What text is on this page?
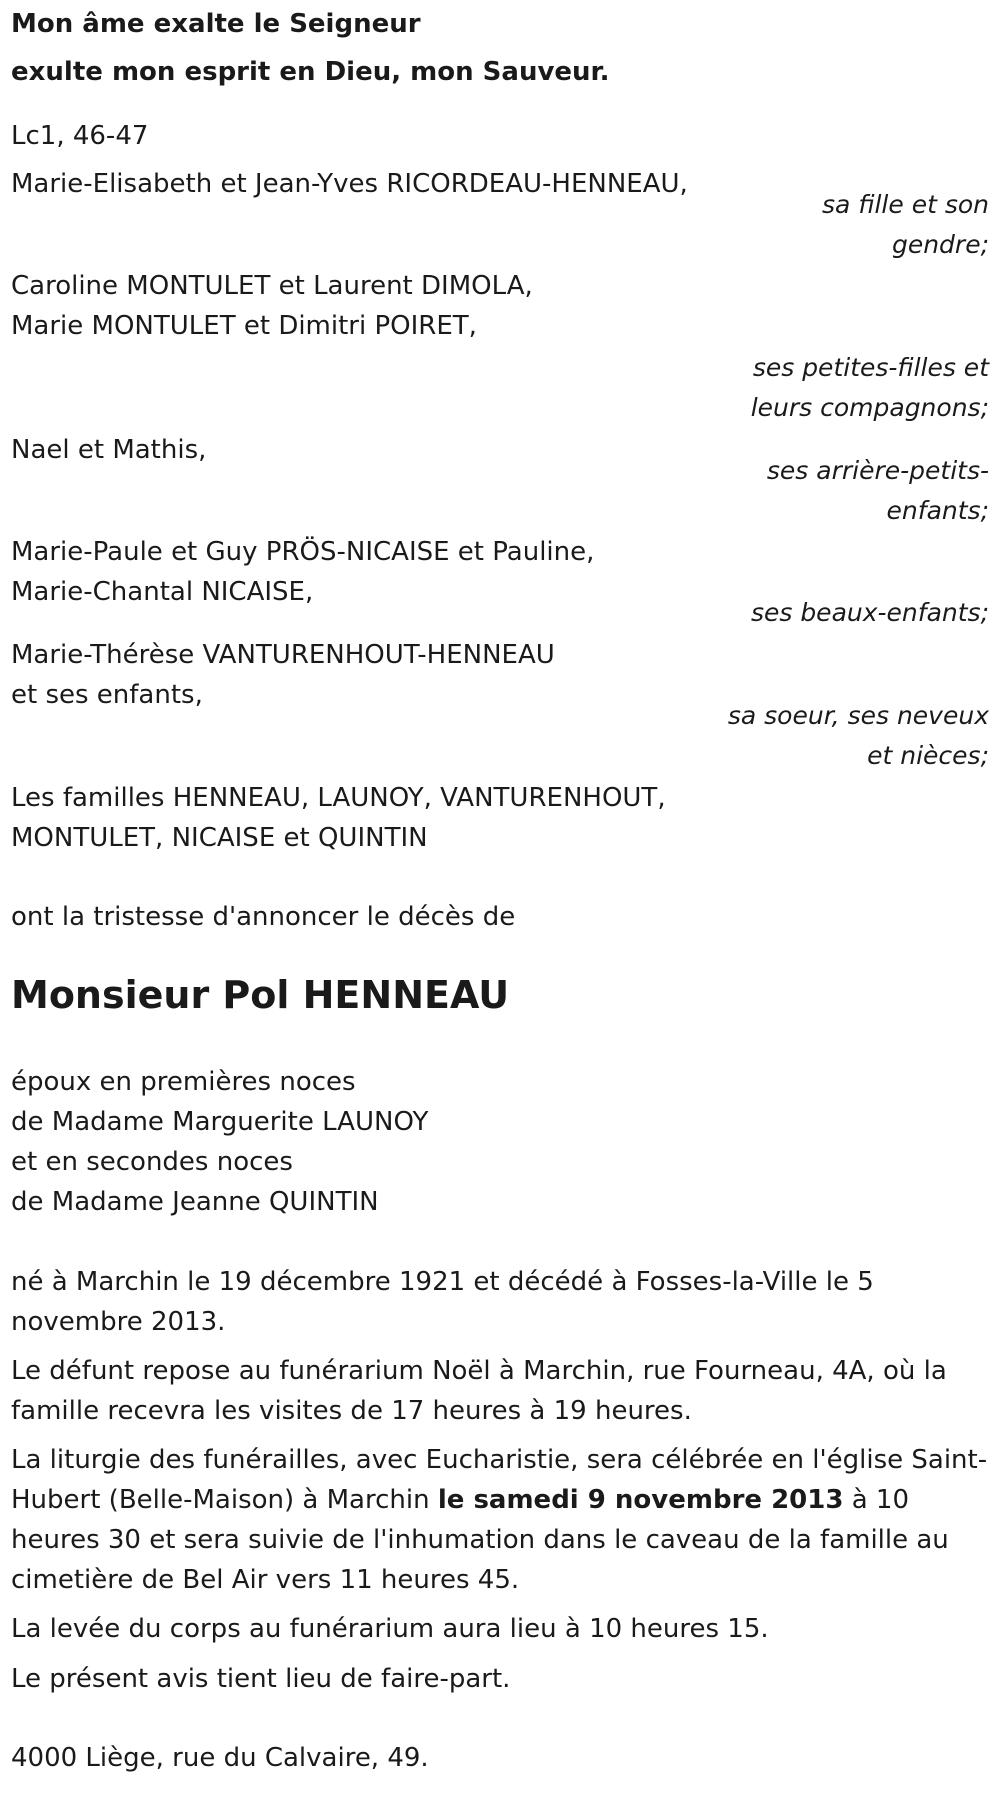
Mon âme exalte le Seigneur
exulte mon esprit en Dieu, mon Sauveur.
Lc1, 46-47
Marie-Elisabeth et Jean-Yves RICORDEAU-HENNEAU,
sa fille et son
gendre;
Caroline MONTULET et Laurent DIMOLA,
Marie MONTULET et Dimitri POIRET,
ses petites-filles et
leurs compagnons;
Nael et Mathis,
ses arrière-petits-
enfants;
Marie-Paule et Guy PRÖS-NICAISE et Pauline,
Marie-Chantal NICAISE,
ses beaux-enfants;
Marie-Thérèse VANTURENHOUT-HENNEAU
et ses enfants,
sa soeur, ses neveux
et nièces;
Les familles HENNEAU, LAUNOY, VANTURENHOUT,
MONTULET, NICAISE et QUINTIN
ont la tristesse d'annoncer le décès de
Monsieur Pol HENNEAU
époux en premières noces
de Madame Marguerite LAUNOY
et en secondes noces
de Madame Jeanne QUINTIN
né à Marchin le 19 décembre 1921 et décédé à Fosses-la-Ville le 5 novembre 2013.
Le défunt repose au funérarium Noël à Marchin, rue Fourneau, 4A, où la famille recevra les visites de 17 heures à 19 heures.
La liturgie des funérailles, avec Eucharistie, sera célébrée en l'église Saint-Hubert (Belle-Maison) à Marchin le samedi 9 novembre 2013 à 10 heures 30 et sera suivie de l'inhumation dans le caveau de la famille au cimetière de Bel Air vers 11 heures 45.
La levée du corps au funérarium aura lieu à 10 heures 15.
Le présent avis tient lieu de faire-part.
4000 Liège, rue du Calvaire, 49.
